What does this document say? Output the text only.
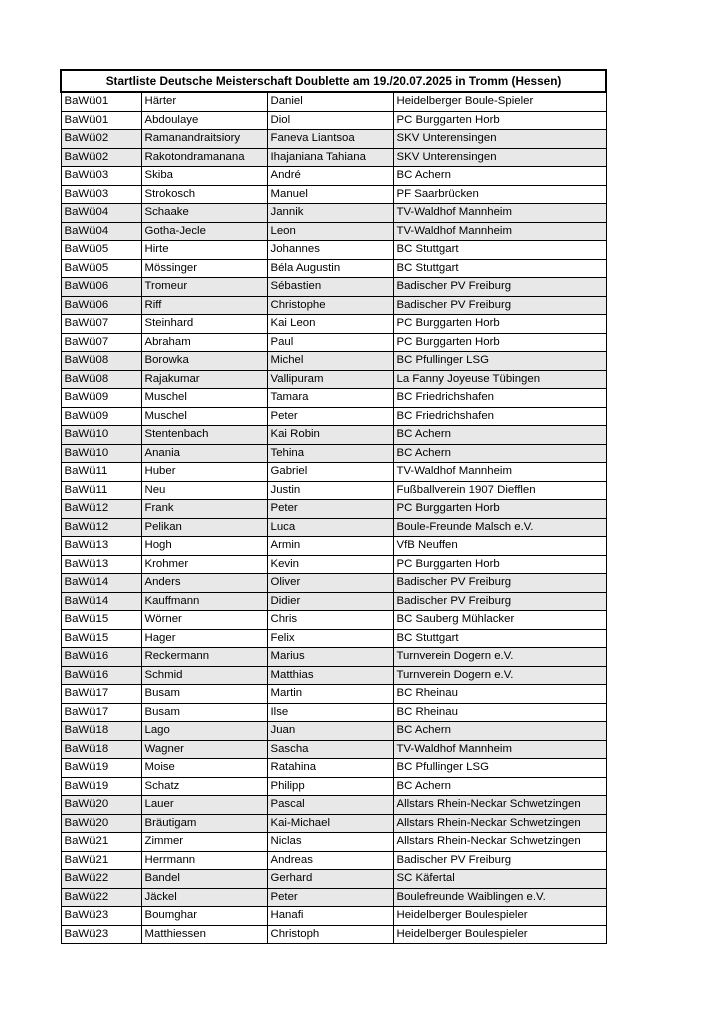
Startliste Deutsche Meisterschaft Doublette am 19./20.07.2025 in Tromm (Hessen)			
BaWü01	Härter	Daniel	Heidelberger Boule-Spieler
BaWü01	Abdoulaye	Diol	PC Burggarten Horb
BaWü02	Ramanandraitsiory	Faneva Liantsoa	SKV Unterensingen
BaWü02	Rakotondramanana	Ihajaniana Tahiana	SKV Unterensingen
BaWü03	Skiba	André	BC Achern
BaWü03	Strokosch	Manuel	PF Saarbrücken
BaWü04	Schaake	Jannik	TV-Waldhof Mannheim
BaWü04	Gotha-Jecle	Leon	TV-Waldhof Mannheim
BaWü05	Hirte	Johannes	BC Stuttgart
BaWü05	Mössinger	Béla Augustin	BC Stuttgart
BaWü06	Tromeur	Sébastien	Badischer PV Freiburg
BaWü06	Riff	Christophe	Badischer PV Freiburg
BaWü07	Steinhard	Kai Leon	PC Burggarten Horb
BaWü07	Abraham	Paul	PC Burggarten Horb
BaWü08	Borowka	Michel	BC Pfullinger LSG
BaWü08	Rajakumar	Vallipuram	La Fanny Joyeuse Tübingen
BaWü09	Muschel	Tamara	BC Friedrichshafen
BaWü09	Muschel	Peter	BC Friedrichshafen
BaWü10	Stentenbach	Kai Robin	BC Achern
BaWü10	Anania	Tehina	BC Achern
BaWü11	Huber	Gabriel	TV-Waldhof Mannheim
BaWü11	Neu	Justin	Fußballverein 1907 Diefflen
BaWü12	Frank	Peter	PC Burggarten Horb
BaWü12	Pelikan	Luca	Boule-Freunde Malsch e.V.
BaWü13	Hogh	Armin	VfB Neuffen
BaWü13	Krohmer	Kevin	PC Burggarten Horb
BaWü14	Anders	Oliver	Badischer PV Freiburg
BaWü14	Kauffmann	Didier	Badischer PV Freiburg
BaWü15	Wörner	Chris	BC Sauberg Mühlacker
BaWü15	Hager	Felix	BC Stuttgart
BaWü16	Reckermann	Marius	Turnverein Dogern e.V.
BaWü16	Schmid	Matthias	Turnverein Dogern e.V.
BaWü17	Busam	Martin	BC Rheinau
BaWü17	Busam	Ilse	BC Rheinau
BaWü18	Lago	Juan	BC Achern
BaWü18	Wagner	Sascha	TV-Waldhof Mannheim
BaWü19	Moise	Ratahina	BC Pfullinger LSG
BaWü19	Schatz	Philipp	BC Achern
BaWü20	Lauer	Pascal	Allstars Rhein-Neckar Schwetzingen
BaWü20	Bräutigam	Kai-Michael	Allstars Rhein-Neckar Schwetzingen
BaWü21	Zimmer	Niclas	Allstars Rhein-Neckar Schwetzingen
BaWü21	Herrmann	Andreas	Badischer PV Freiburg
BaWü22	Bandel	Gerhard	SC Käfertal
BaWü22	Jäckel	Peter	Boulefreunde Waiblingen e.V.
BaWü23	Boumghar	Hanafi	Heidelberger Boulespieler
BaWü23	Matthiessen	Christoph	Heidelberger Boulespieler
